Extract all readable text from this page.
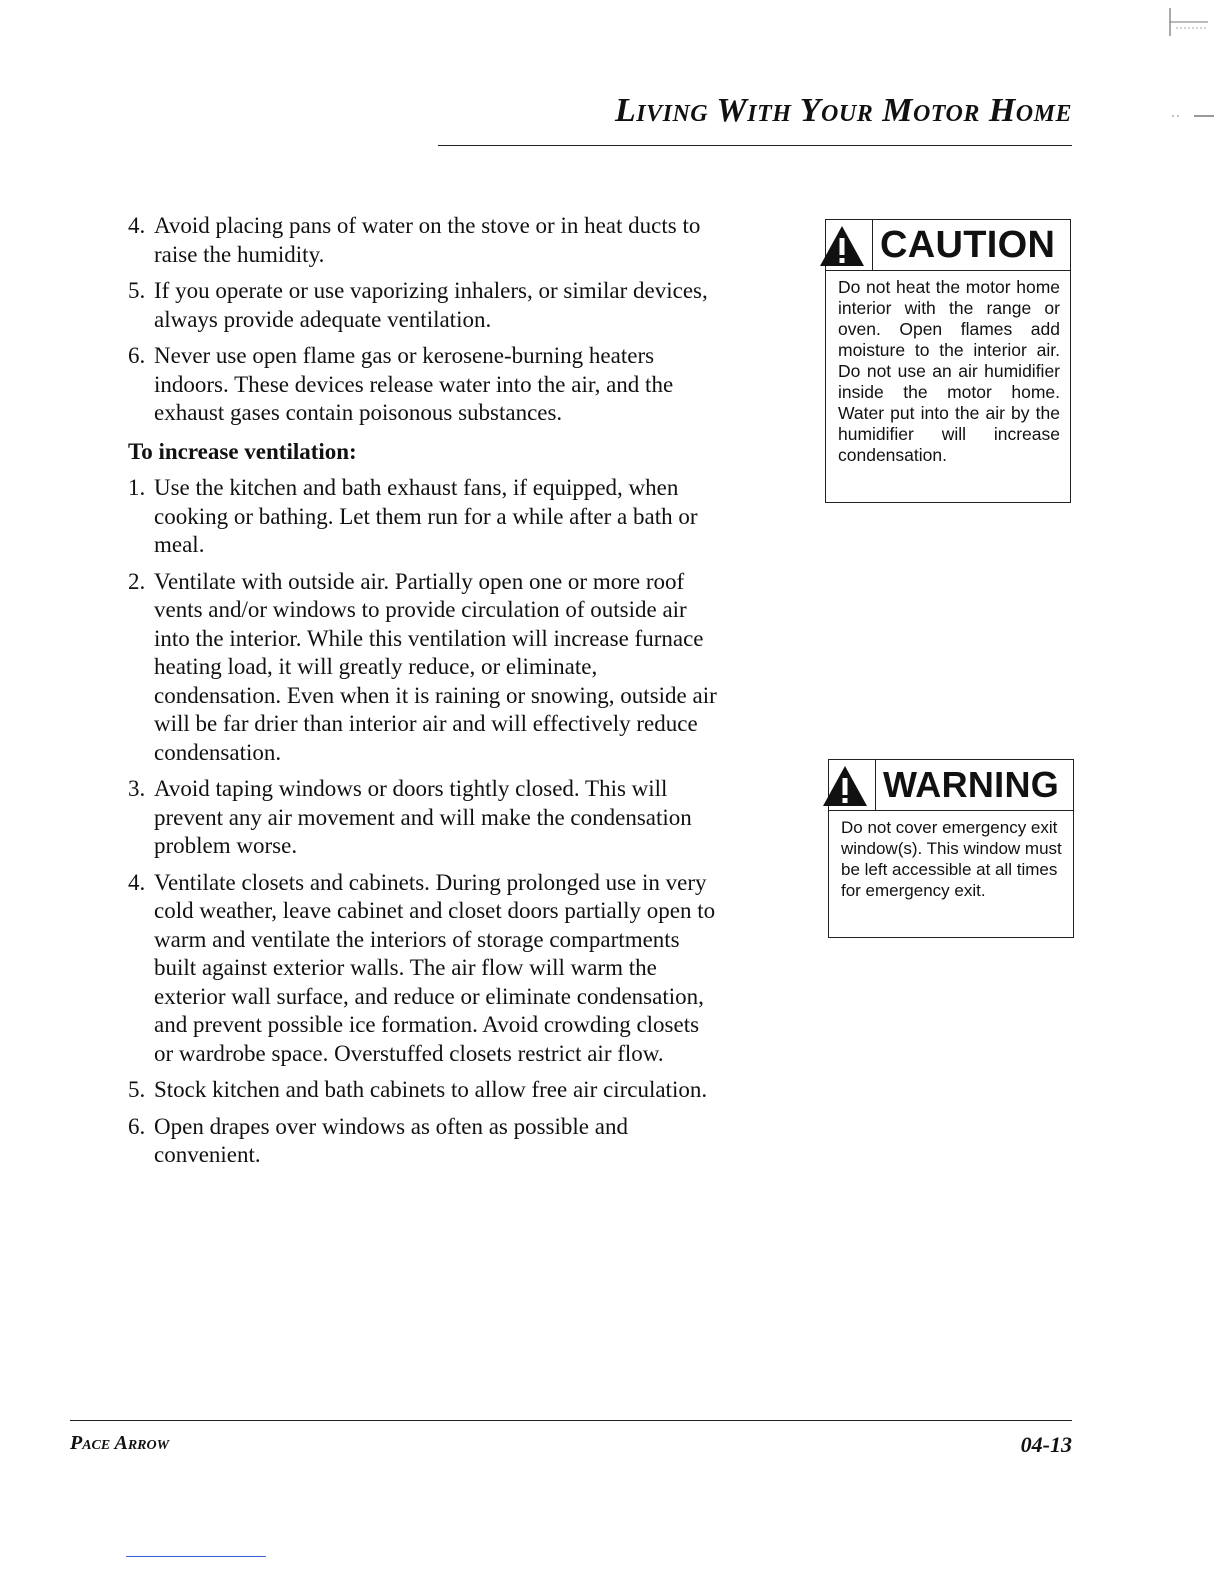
Living With Your Motor Home
4. Avoid placing pans of water on the stove or in heat ducts to raise the humidity.
5. If you operate or use vaporizing inhalers, or similar devices, always provide adequate ventilation.
6. Never use open flame gas or kerosene-burning heaters indoors. These devices release water into the air, and the exhaust gases contain poisonous substances.
To increase ventilation:
1. Use the kitchen and bath exhaust fans, if equipped, when cooking or bathing. Let them run for a while after a bath or meal.
2. Ventilate with outside air. Partially open one or more roof vents and/or windows to provide circulation of outside air into the interior. While this ventilation will increase furnace heating load, it will greatly reduce, or eliminate, condensation. Even when it is raining or snowing, outside air will be far drier than interior air and will effectively reduce condensation.
3. Avoid taping windows or doors tightly closed. This will prevent any air movement and will make the condensation problem worse.
4. Ventilate closets and cabinets. During prolonged use in very cold weather, leave cabinet and closet doors partially open to warm and ventilate the interiors of storage compartments built against exterior walls. The air flow will warm the exterior wall surface, and reduce or eliminate condensation, and prevent possible ice formation. Avoid crowding closets or wardrobe space. Overstuffed closets restrict air flow.
5. Stock kitchen and bath cabinets to allow free air circulation.
6. Open drapes over windows as often as possible and convenient.
CAUTION
Do not heat the motor home interior with the range or oven. Open flames add moisture to the interior air. Do not use an air humidifier inside the motor home. Water put into the air by the humidifier will increase condensation.
WARNING
Do not cover emergency exit window(s). This window must be left accessible at all times for emergency exit.
Pace Arrow	04-13
